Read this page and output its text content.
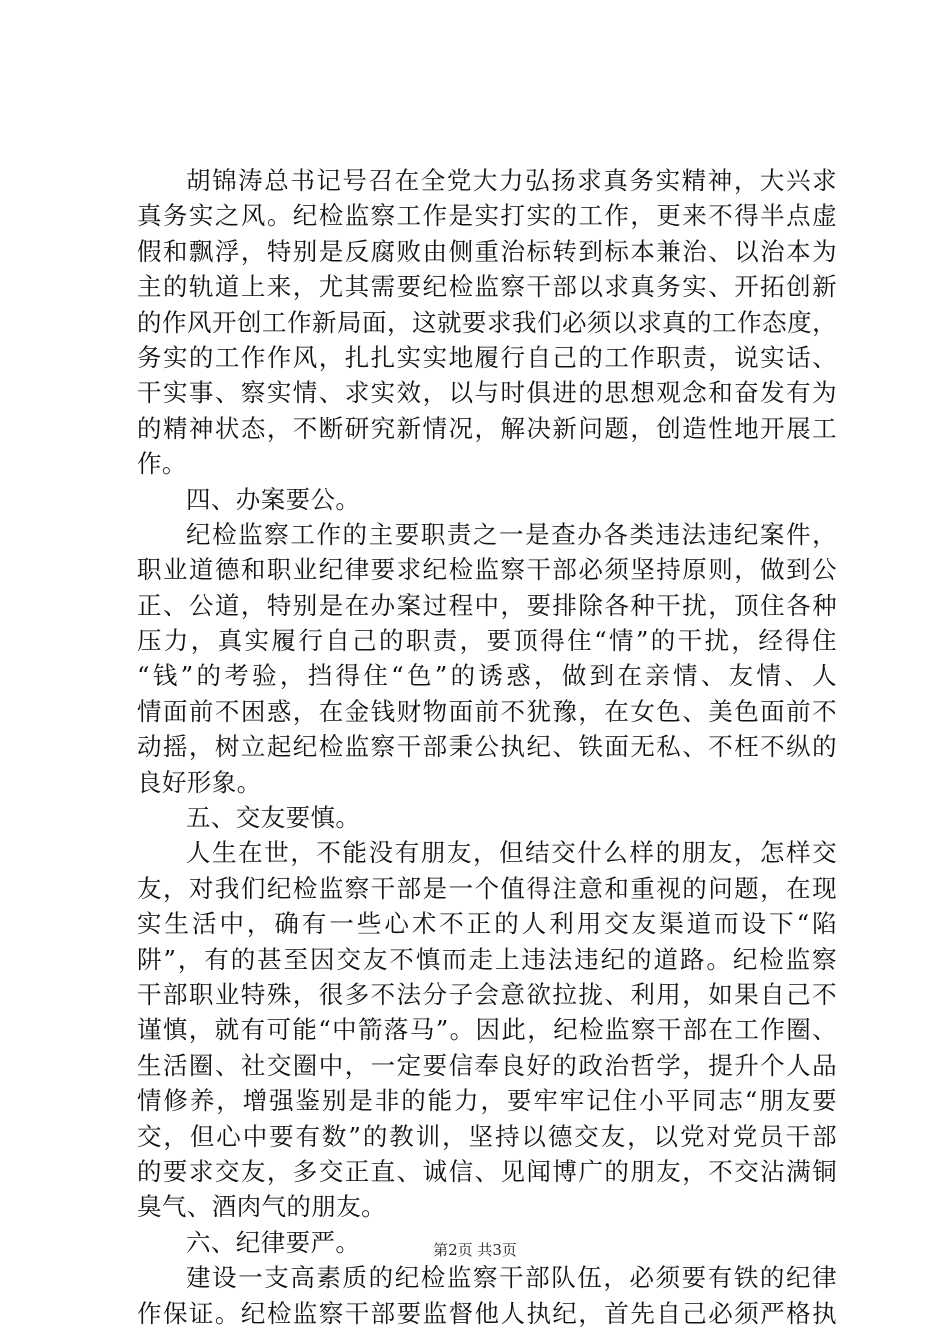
胡锦涛总书记号召在全党大力弘扬求真务实精神，大兴求
真务实之风。纪检监察工作是实打实的工作，更来不得半点虚
假和飘浮，特别是反腐败由侧重治标转到标本兼治、以治本为
主的轨道上来，尤其需要纪检监察干部以求真务实、开拓创新
的作风开创工作新局面，这就要求我们必须以求真的工作态度，
务实的工作作风，扎扎实实地履行自己的工作职责，说实话、
干实事、察实情、求实效，以与时俱进的思想观念和奋发有为
的精神状态，不断研究新情况，解决新问题，创造性地开展工
作。
四、办案要公。
纪检监察工作的主要职责之一是查办各类违法违纪案件，
职业道德和职业纪律要求纪检监察干部必须坚持原则，做到公
正、公道，特别是在办案过程中，要排除各种干扰，顶住各种
压力，真实履行自己的职责，要顶得住“情”的干扰，经得住
“钱”的考验，挡得住“色”的诱惑，做到在亲情、友情、人
情面前不困惑，在金钱财物面前不犹豫，在女色、美色面前不
动摇，树立起纪检监察干部秉公执纪、铁面无私、不枉不纵的
良好形象。
五、交友要慎。
人生在世，不能没有朋友，但结交什么样的朋友，怎样交
友，对我们纪检监察干部是一个值得注意和重视的问题，在现
实生活中，确有一些心术不正的人利用交友渠道而设下“陷
阱”，有的甚至因交友不慎而走上违法违纪的道路。纪检监察
干部职业特殊，很多不法分子会意欲拉拢、利用，如果自己不
谨慎，就有可能“中箭落马”。因此，纪检监察干部在工作圈、
生活圈、社交圈中，一定要信奉良好的政治哲学，提升个人品
情修养，增强鉴别是非的能力，要牢牢记住小平同志“朋友要
交，但心中要有数”的教训，坚持以德交友，以党对党员干部
的要求交友，多交正直、诚信、见闻博广的朋友，不交沾满铜
臭气、酒肉气的朋友。
六、纪律要严。
建设一支高素质的纪检监察干部队伍，必须要有铁的纪律
作保证。纪检监察干部要监督他人执纪，首先自己必须严格执
第2页 共3页
